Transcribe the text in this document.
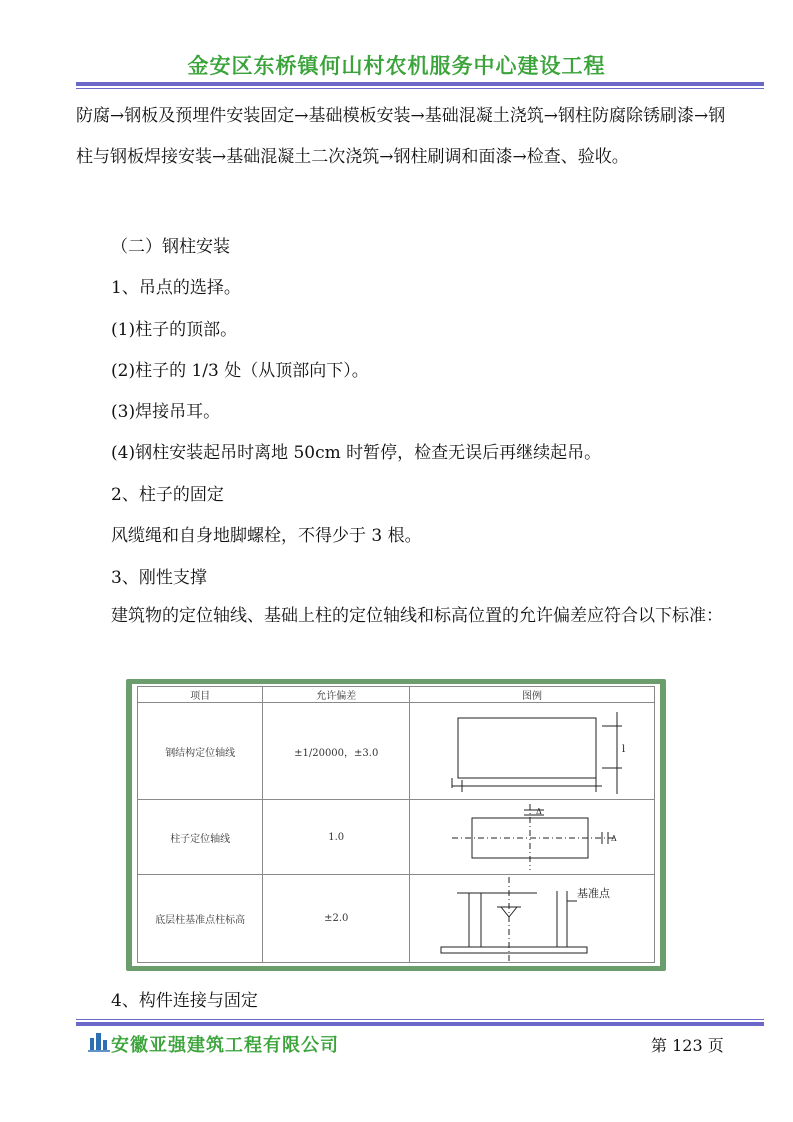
金安区东桥镇何山村农机服务中心建设工程

防腐→钢板及预埋件安装固定→基础模板安装→基础混凝土浇筑→钢柱防腐除锈刷漆→钢柱与钢板焊接安装→基础混凝土二次浇筑→钢柱刷调和面漆→检查、验收。

（二）钢柱安装

1、吊点的选择。

(1)柱子的顶部。

(2)柱子的 1/3 处（从顶部向下）。

(3)焊接吊耳。

(4)钢柱安装起吊时离地 50cm 时暂停，检查无误后再继续起吊。

2、柱子的固定

风缆绳和自身地脚螺栓，不得少于 3 根。

3、刚性支撑

建筑物的定位轴线、基础上柱的定位轴线和标高位置的允许偏差应符合以下标准：

项目	允许偏差	图例
钢结构定位轴线	±1/20000，±3.0	l

柱子定位轴线	1.0	Δ
Δ

底层柱基准点柱标高	±2.0	基准点

4、构件连接与固定

安徽亚强建筑工程有限公司	第 123 页
